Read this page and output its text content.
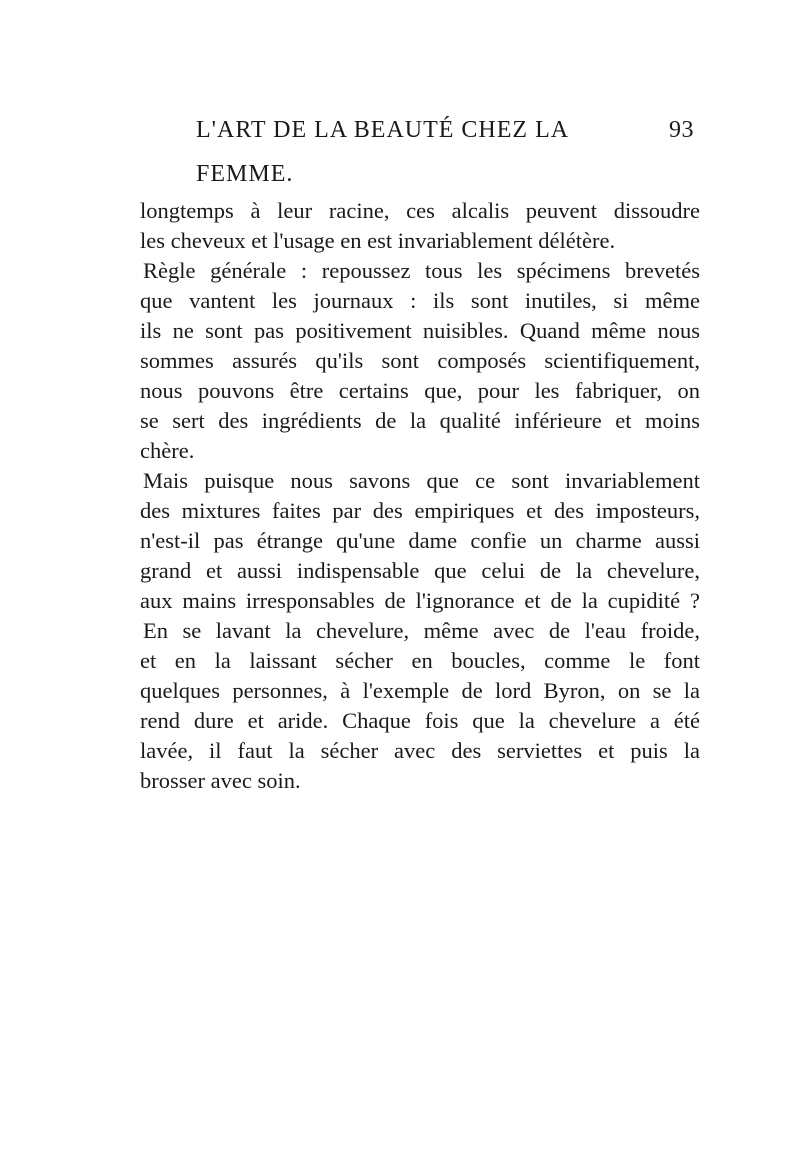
L'ART DE LA BEAUTÉ CHEZ LA FEMME.
93
longtemps à leur racine, ces alcalis peuvent dissoudre
les cheveux et l'usage en est invariablement délétère.
Règle générale : repoussez tous les spécimens brevetés
que vantent les journaux : ils sont inutiles, si même
ils ne sont pas positivement nuisibles. Quand même nous
sommes assurés qu'ils sont composés scientifiquement,
nous pouvons être certains que, pour les fabriquer, on
se sert des ingrédients de la qualité inférieure et moins
chère.
Mais puisque nous savons que ce sont invariablement
des mixtures faites par des empiriques et des imposteurs,
n'est-il pas étrange qu'une dame confie un charme aussi
grand et aussi indispensable que celui de la chevelure,
aux mains irresponsables de l'ignorance et de la cupidité ?
En se lavant la chevelure, même avec de l'eau froide,
et en la laissant sécher en boucles, comme le font
quelques personnes, à l'exemple de lord Byron, on se la
rend dure et aride. Chaque fois que la chevelure a été
lavée, il faut la sécher avec des serviettes et puis la
brosser avec soin.
